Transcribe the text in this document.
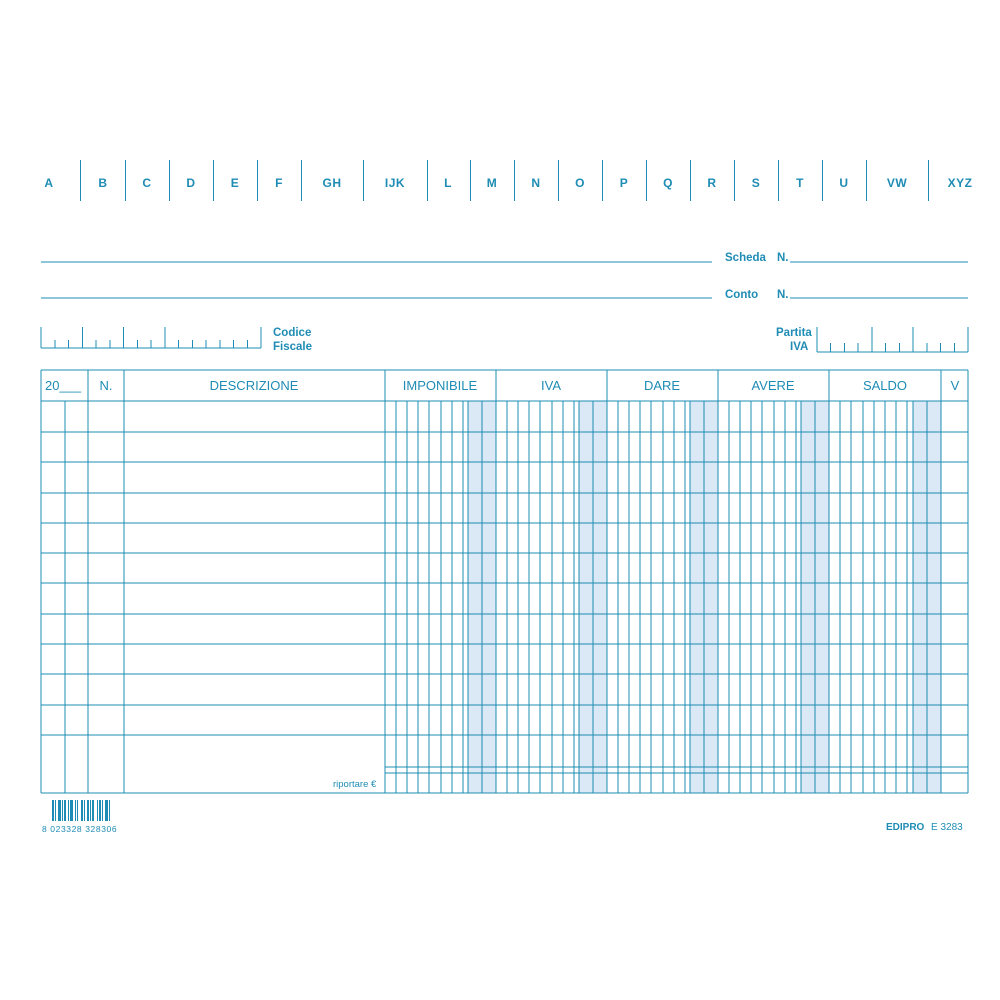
A	B	C	D	E	F	GH	IJK	L	M	N	O	P	Q	R	S	T	U	VW	XYZ
Scheda N.
Conto N.
Codice
Fiscale
Partita
IVA
20___ N.	DESCRIZIONE	IMPONIBILE	IVA	DARE	AVERE	SALDO	V
riportare €
8 023328 328306	EDIPRO E 3283
